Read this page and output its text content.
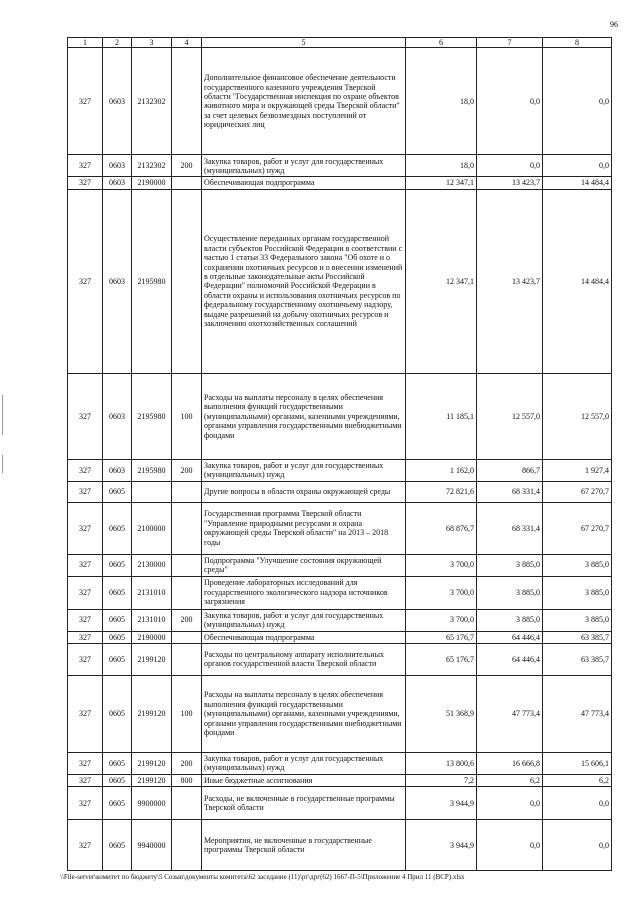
96
1	2	3	4	5	6	7	8
327	0603	2132302		Дополнительное финансовое обеспечение деятельности государственного казенного учреждения Тверской области "Государственная инспекция по охране объектов животного мира и окружающей среды Тверской области" за счет целевых безвозмездных поступлений от юридических лиц	18,0	0,0	0,0
327	0603	2132302	200	Закупка товаров, работ и услуг для государственных (муниципальных) нужд	18,0	0,0	0,0
327	0603	2190000		Обеспечивающая подпрограмма	12 347,1	13 423,7	14 484,4
327	0603	2195980		Осуществление переданных органам государственной власти субъектов Российской Федерации в соответствии с частью 1 статьи 33 Федерального закона "Об охоте и о сохранении охотничьих ресурсов и о внесении изменений в отдельные законодательные акты Российской Федерации" полномочий Российской Федерации в области охраны и использования охотничьих ресурсов по федеральному государственному охотничьему надзору, выдаче разрешений на добычу охотничьих ресурсов и заключению охотхозяйственных соглашений	12 347,1	13 423,7	14 484,4
327	0603	2195980	100	Расходы на выплаты персоналу в целях обеспечения выполнения функций государственными (муниципальными) органами, казенными учреждениями, органами управления государственными внебюджетными фондами	11 185,1	12 557,0	12 557,0
327	0603	2195980	200	Закупка товаров, работ и услуг для государственных (муниципальных) нужд	1 162,0	866,7	1 927,4
327	0605			Другие вопросы в области охраны окружающей среды	72 821,6	68 331,4	67 270,7
327	0605	2100000		Государственная программа Тверской области "Управление природными ресурсами и охрана окружающей среды Тверской области" на 2013 – 2018 годы	68 876,7	68 331,4	67 270,7
327	0605	2130000		Подпрограмма "Улучшение состояния окружающей среды"	3 700,0	3 885,0	3 885,0
327	0605	2131010		Проведение лабораторных исследований для государственного экологического надзора источников загрязнения	3 700,0	3 885,0	3 885,0
327	0605	2131010	200	Закупка товаров, работ и услуг для государственных (муниципальных) нужд	3 700,0	3 885,0	3 885,0
327	0605	2190000		Обеспечивающая подпрограмма	65 176,7	64 446,4	63 385,7
327	0605	2199120		Расходы по центральному аппарату исполнительных органов государственной власти Тверской области	65 176,7	64 446,4	63 385,7
327	0605	2199120	100	Расходы на выплаты персоналу в целях обеспечения выполнения функций государственными (муниципальными) органами, казенными учреждениями, органами управления государственными внебюджетными фондами	51 368,9	47 773,4	47 773,4
327	0605	2199120	200	Закупка товаров, работ и услуг для государственных (муниципальных) нужд	13 800,6	16 666,8	15 606,1
327	0605	2199120	800	Иные бюджетные ассигнования	7,2	6,2	6,2
327	0605	9900000		Расходы, не включенные в государственные программы Тверской области	3 944,9	0,0	0,0
327	0605	9940000		Мероприятия, не включенные в государственные программы Тверской области	3 944,9	0,0	0,0
\\File-server\комитет по бюджету\5 Созыв\документы комитета\62 заседание (11)\рг\дрг(62) 1667-П-5\Приложение 4 Прил 11 (ВСР).xlsx
